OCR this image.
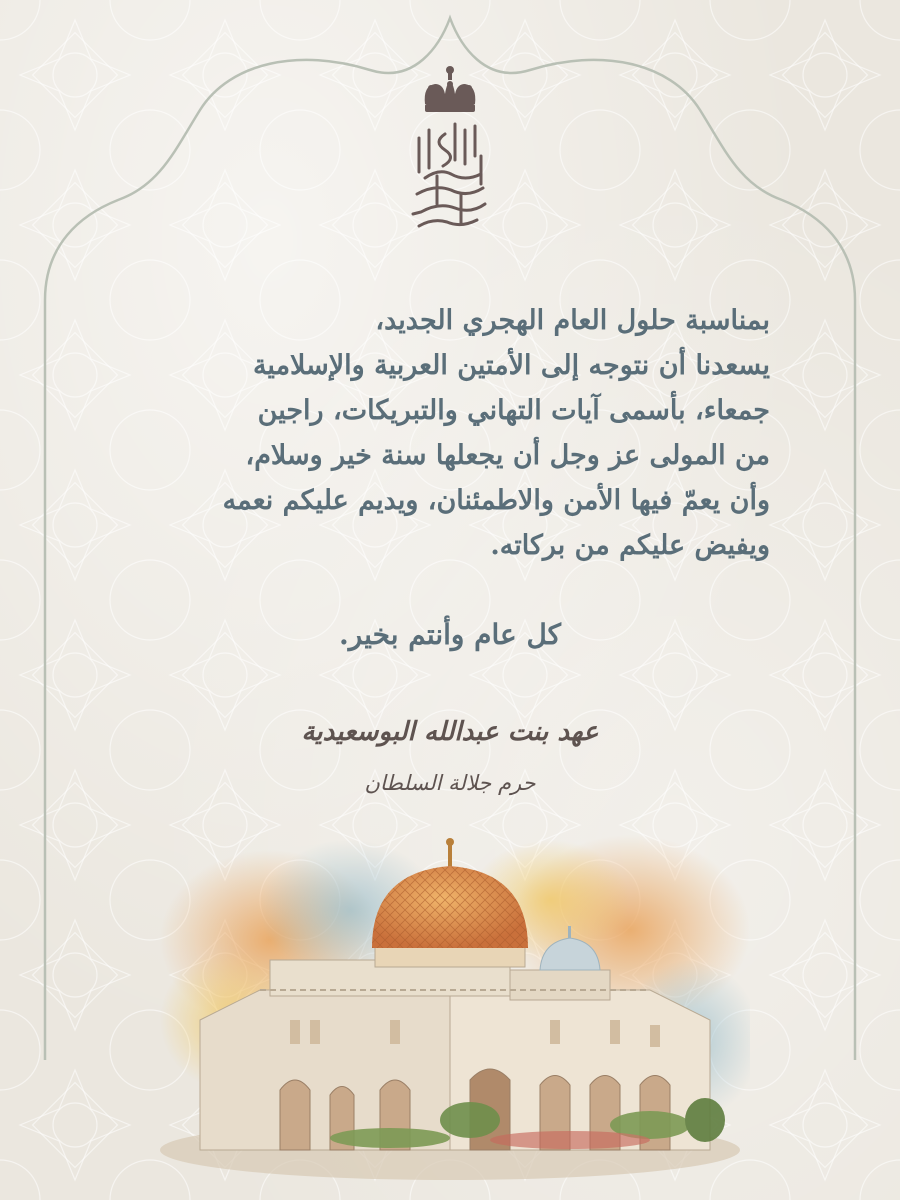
بمناسبة حلول العام الهجري الجديد،
يسعدنا أن نتوجه إلى الأمتين العربية والإسلامية
جمعاء، بأسمى آيات التهاني والتبريكات، راجين
من المولى عز وجل أن يجعلها سنة خير وسلام،
وأن يعمّ فيها الأمن والاطمئنان، ويديم عليكم نعمه
ويفيض عليكم من بركاته.
كل عام وأنتم بخير.
عهد بنت عبدالله البوسعيدية
حرم جلالة السلطان
